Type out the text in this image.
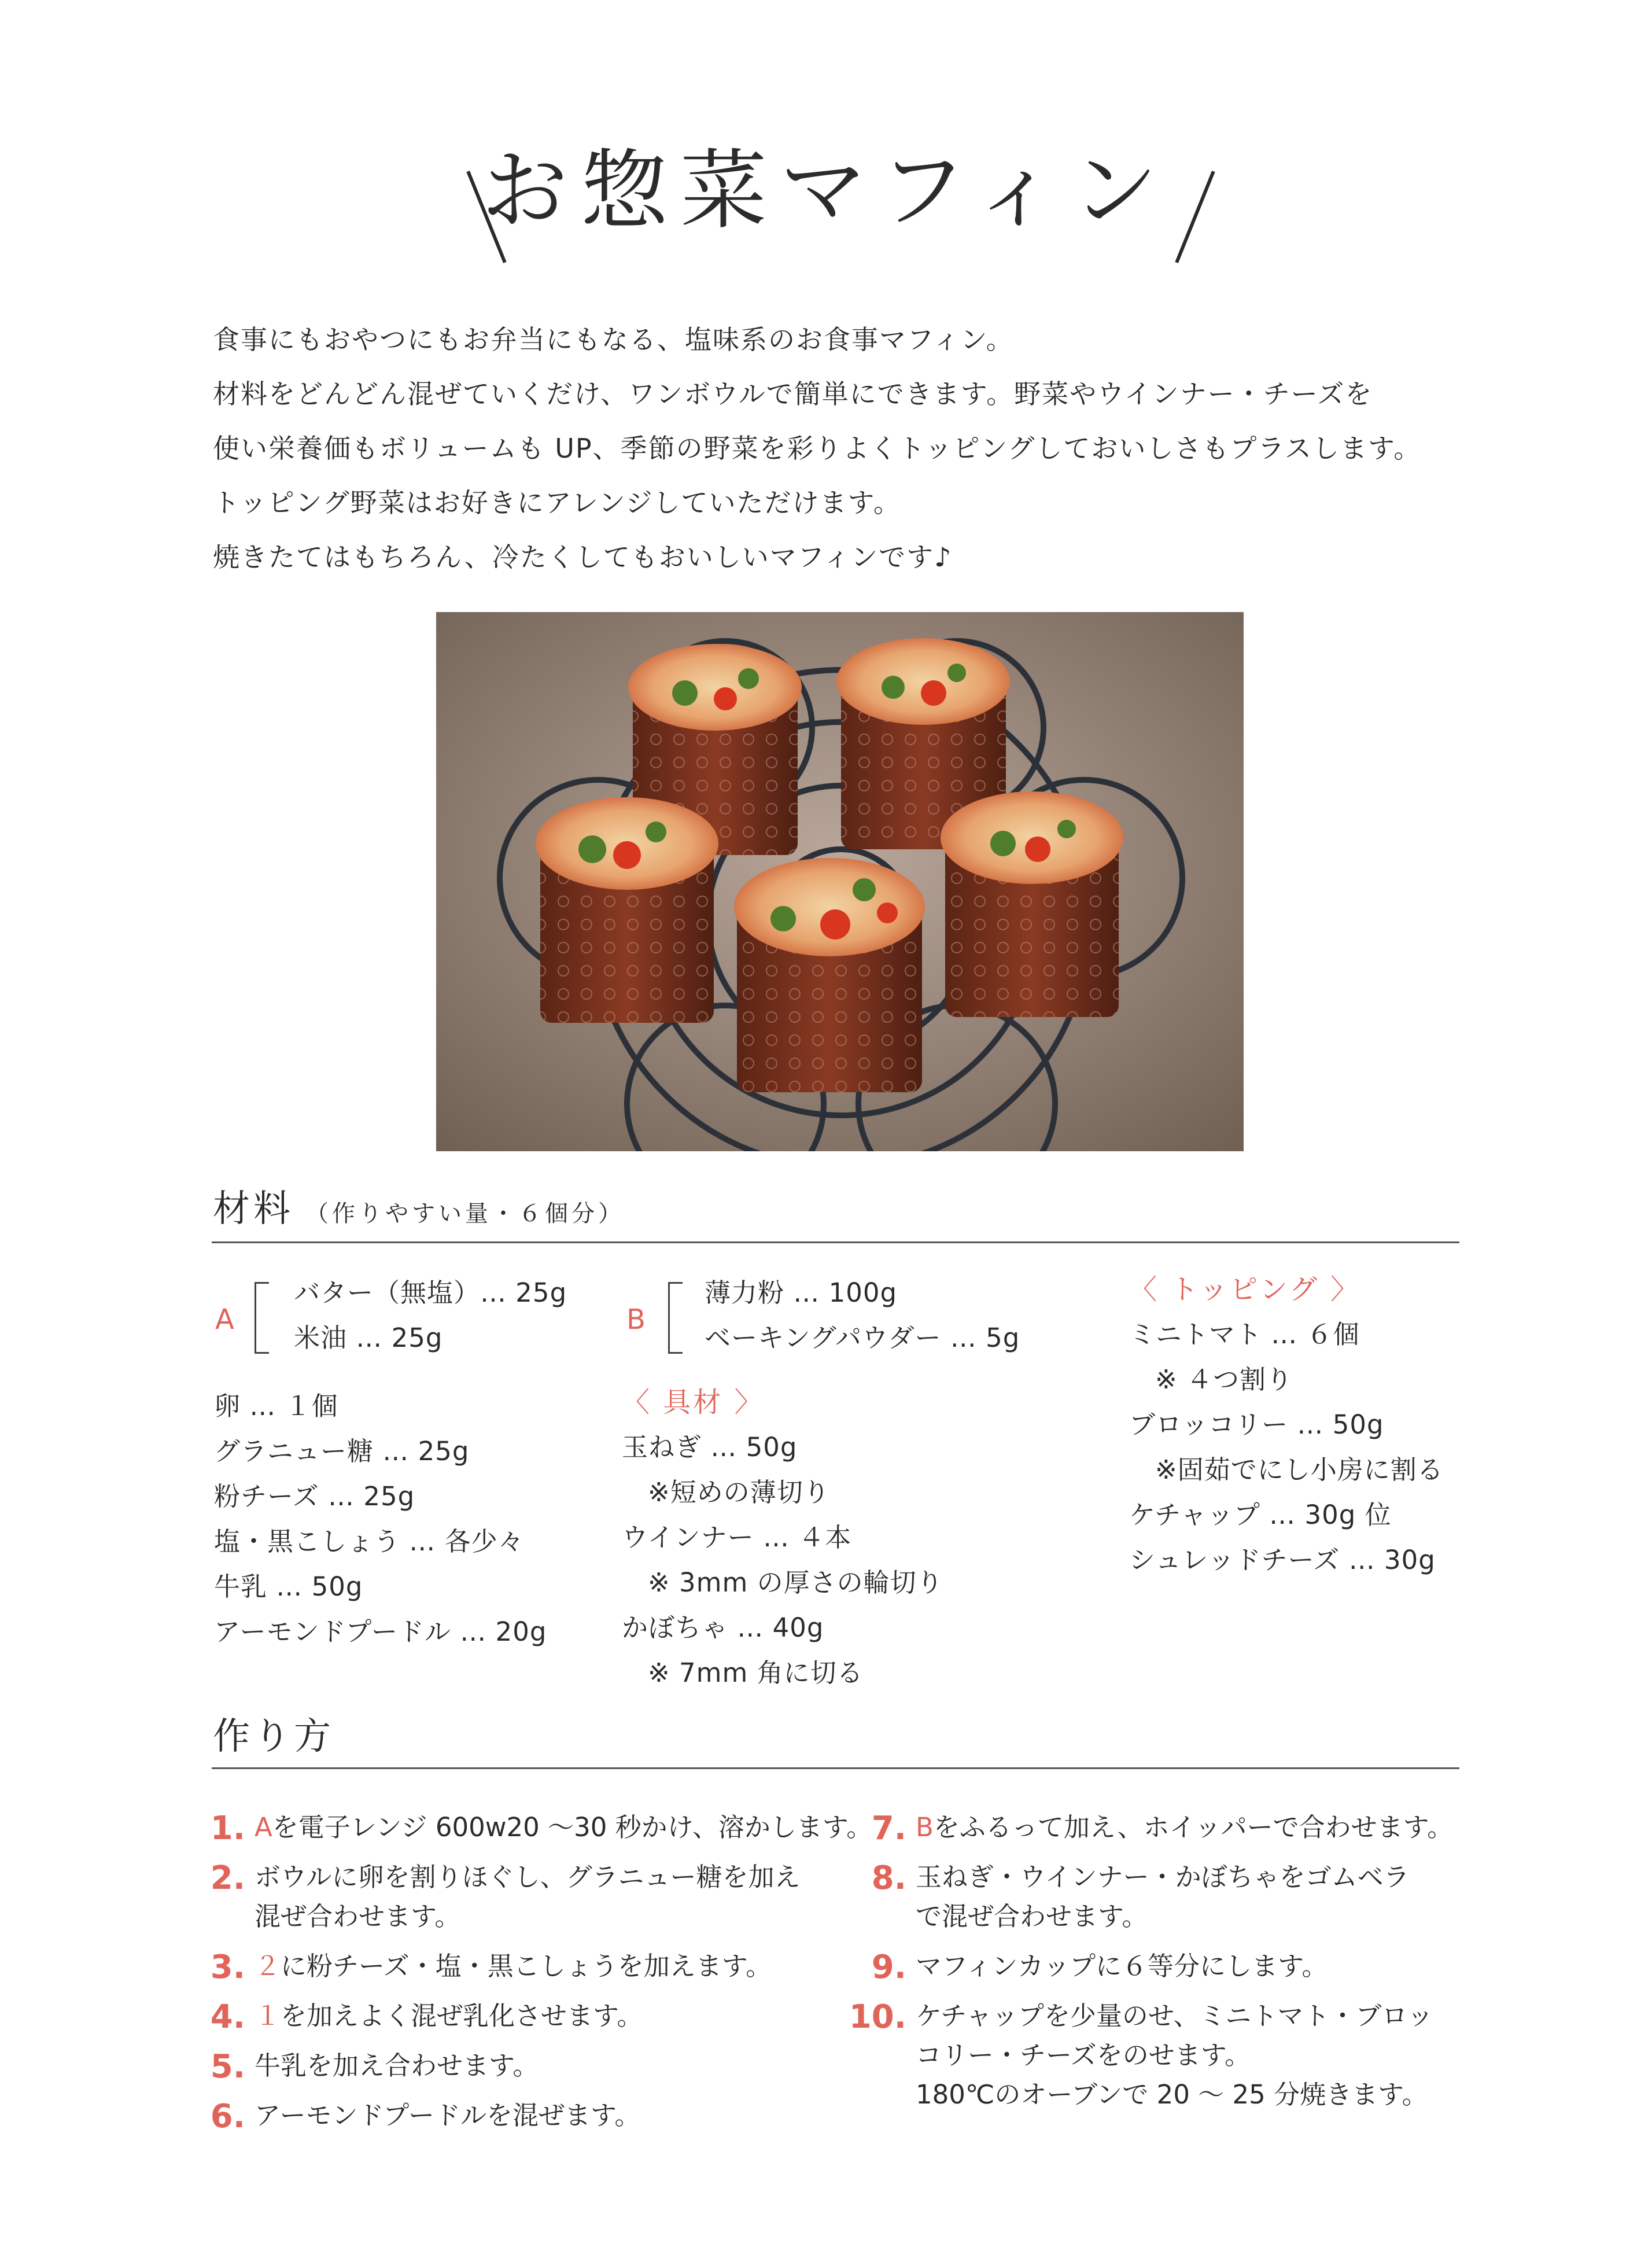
お惣菜マフィン
食事にもおやつにもお弁当にもなる、塩味系のお食事マフィン。
材料をどんどん混ぜていくだけ、ワンボウルで簡単にできます。野菜やウインナー・チーズを
使い栄養価もボリュームも UP、季節の野菜を彩りよくトッピングしておいしさもプラスします。
トッピング野菜はお好きにアレンジしていただけます。
焼きたてはもちろん、冷たくしてもおいしいマフィンです♪
材料 （作りやすい量・６個分）
A
バター（無塩）… 25g
米油 … 25g
B
薄力粉 … 100g
ベーキングパウダー … 5g
卵 … １個
グラニュー糖 … 25g
粉チーズ … 25g
塩・黒こしょう … 各少々
牛乳 … 50g
アーモンドプードル … 20g
〈 具材 〉
玉ねぎ … 50g
※短めの薄切り
ウインナー … ４本
※ 3mm の厚さの輪切り
かぼちゃ … 40g
※ 7mm 角に切る
〈 トッピング 〉
ミニトマト … ６個
※ ４つ割り
ブロッコリー … 50g
※固茹でにし小房に割る
ケチャップ … 30g 位
シュレッドチーズ … 30g
作り方
1. Aを電子レンジ 600w20 〜30 秒かけ、溶かします。
2. ボウルに卵を割りほぐし、グラニュー糖を加え
混ぜ合わせます。
3. ２に粉チーズ・塩・黒こしょうを加えます。
4. １を加えよく混ぜ乳化させます。
5. 牛乳を加え合わせます。
6. アーモンドプードルを混ぜます。
7. Bをふるって加え、ホイッパーで合わせます。
8. 玉ねぎ・ウインナー・かぼちゃをゴムベラ
で混ぜ合わせます。
9. マフィンカップに６等分にします。
10. ケチャップを少量のせ、ミニトマト・ブロッ
コリー・チーズをのせます。
180℃のオーブンで 20 〜 25 分焼きます。
